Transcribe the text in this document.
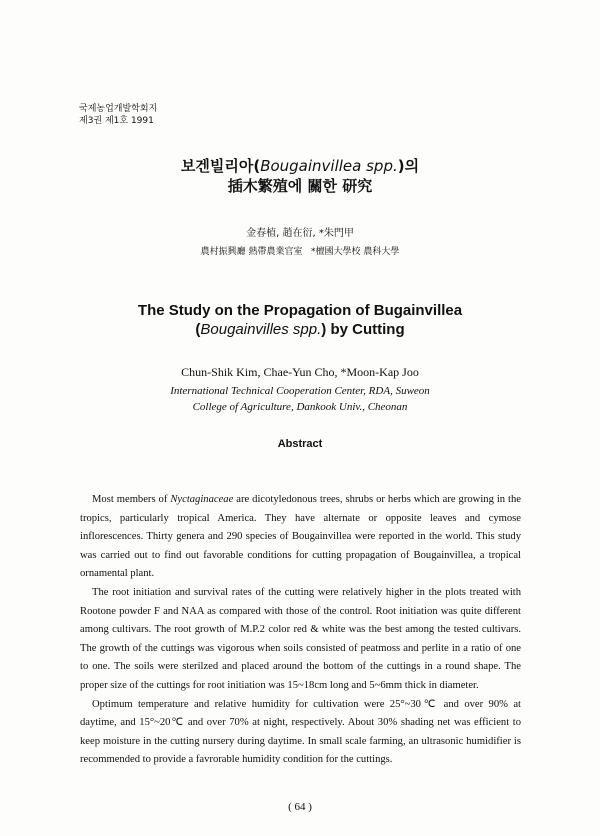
국제농업개발학회지
제3권 제1호 1991
보겐빌리아(Bougainvillea spp.)의
插木繁殖에 關한 研究
金春植, 趙在衍, *朱門甲
農村振興廳 熱帶農業官室   *檀國大學校 農科大學
The Study on the Propagation of Bugainvillea
(Bougainvilles spp.) by Cutting
Chun-Shik Kim, Chae-Yun Cho, *Moon-Kap Joo
International Technical Cooperation Center, RDA, Suweon
College of Agriculture, Dankook Univ., Cheonan
Abstract

Most members of Nyctaginaceae are dicotyledonous trees, shrubs or herbs which are growing in the tropics, particularly tropical America. They have alternate or opposite leaves and cymose inflorescences. Thirty genera and 290 species of Bougainvillea were reported in the world. This study was carried out to find out favorable conditions for cutting propagation of Bougainvillea, a tropical ornamental plant.

The root initiation and survival rates of the cutting were relatively higher in the plots treated with Rootone powder F and NAA as compared with those of the control. Root initiation was quite different among cultivars. The root growth of M.P.2 color red & white was the best among the tested cultivars. The growth of the cuttings was vigorous when soils consisted of peatmoss and perlite in a ratio of one to one. The soils were sterilzed and placed around the bottom of the cuttings in a round shape. The proper size of the cuttings for root initiation was 15~18cm long and 5~6mm thick in diameter.

Optimum temperature and relative humidity for cultivation were 25°~30℃ and over 90% at daytime, and 15°~20℃ and over 70% at night, respectively. About 30% shading net was efficient to keep moisture in the cutting nursery during daytime. In small scale farming, an ultrasonic humidifier is recommended to provide a favrorable humidity condition for the cuttings.

( 64 )
